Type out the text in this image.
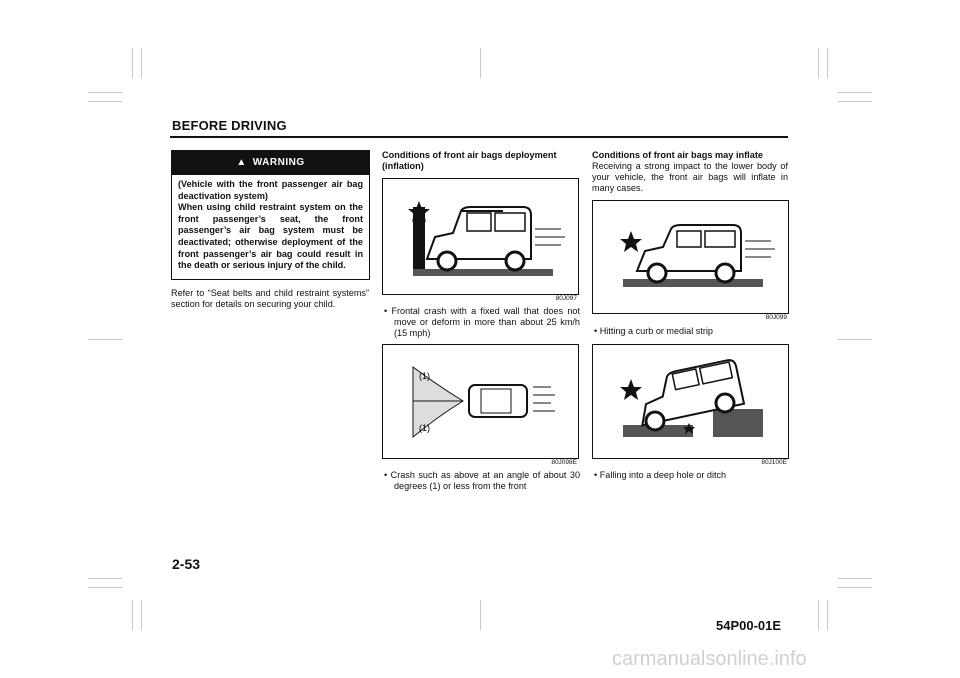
BEFORE DRIVING
▲ WARNING
(Vehicle with the front passenger air bag deactivation system)
When using child restraint system on the front passenger’s seat, the front passenger’s air bag system must be deactivated; otherwise deployment of the front passenger’s air bag could result in the death or serious injury of the child.
Refer to “Seat belts and child restraint systems” section for details on securing your child.
Conditions of front air bags deployment (inflation)
80J097
• Frontal crash with a fixed wall that does not move or deform in more than about 25 km/h (15 mph)
(1)
(1)
80J098E
• Crash such as above at an angle of about 30 degrees (1) or less from the front
Conditions of front air bags may inflate
Receiving a strong impact to the lower body of your vehicle, the front air bags will inflate in many cases.
80J099
• Hitting a curb or medial strip
80J100E
• Falling into a deep hole or ditch
2-53
54P00-01E
carmanualsonline.info
